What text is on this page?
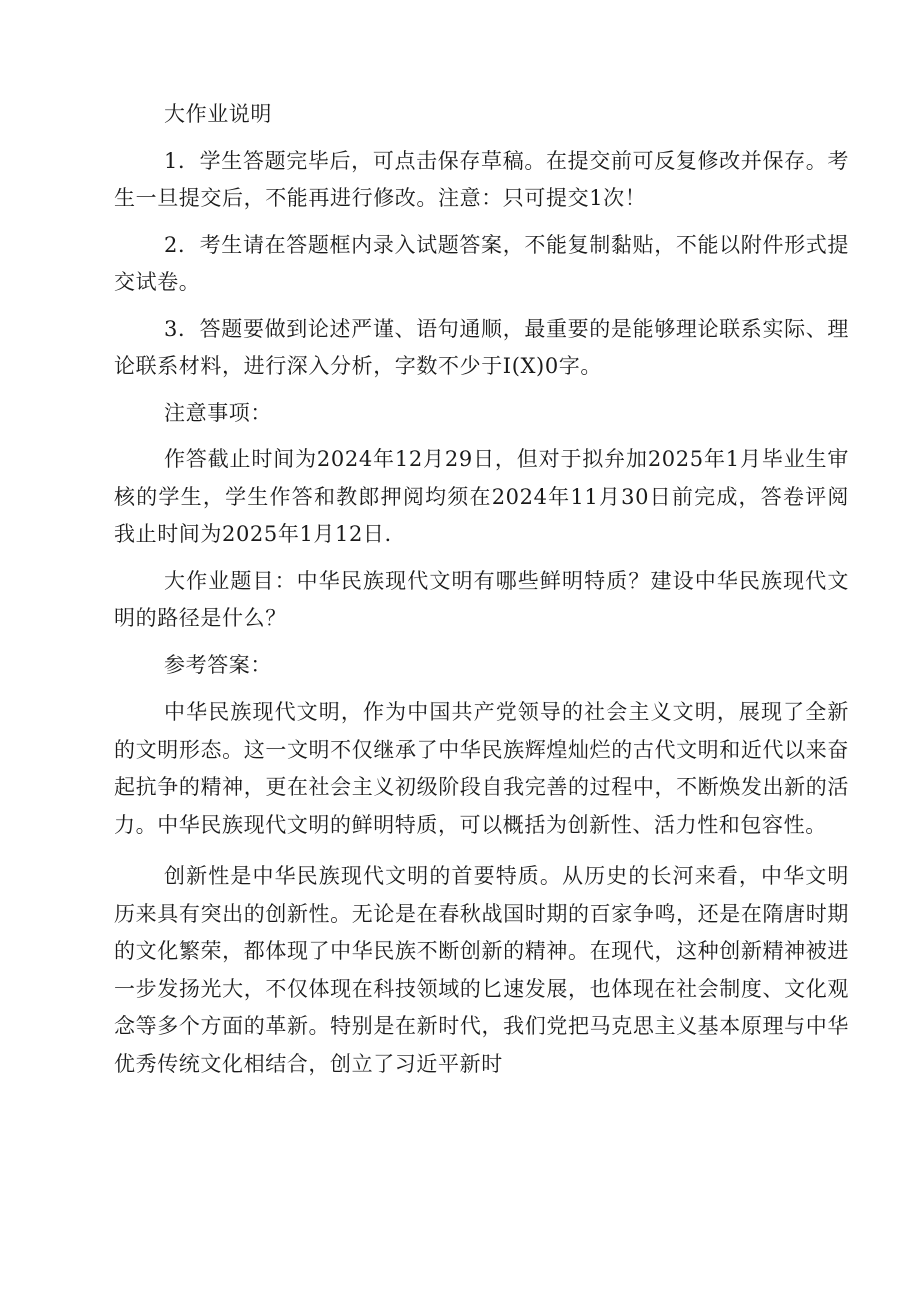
大作业说明

1．学生答题完毕后，可点击保存草稿。在提交前可反复修改并保存。考生一旦提交后，不能再进行修改。注意：只可提交1次！

2．考生请在答题框内录入试题答案，不能复制黏贴，不能以附件形式提交试卷。

3．答题要做到论述严谨、语句通顺，最重要的是能够理论联系实际、理论联系材料，进行深入分析，字数不少于I(X)0字。

注意事项：

作答截止时间为2024年12月29日，但对于拟弁加2025年1月毕业生审核的学生，学生作答和教郎押阅均须在2024年11月30日前完成，答卷评阅我止时间为2025年1月12日.

大作业题目：中华民族现代文明有哪些鲜明特质？建设中华民族现代文明的路径是什么？

参考答案：

中华民族现代文明，作为中国共产党领导的社会主义文明，展现了全新的文明形态。这一文明不仅继承了中华民族辉煌灿烂的古代文明和近代以来奋起抗争的精神，更在社会主义初级阶段自我完善的过程中，不断焕发出新的活力。中华民族现代文明的鲜明特质，可以概括为创新性、活力性和包容性。

创新性是中华民族现代文明的首要特质。从历史的长河来看，中华文明历来具有突出的创新性。无论是在春秋战国时期的百家争鸣，还是在隋唐时期的文化繁荣，都体现了中华民族不断创新的精神。在现代，这种创新精神被进一步发扬光大，不仅体现在科技领域的匕速发展，也体现在社会制度、文化观念等多个方面的革新。特别是在新时代，我们党把马克思主义基本原理与中华优秀传统文化相结合，创立了习近平新时
